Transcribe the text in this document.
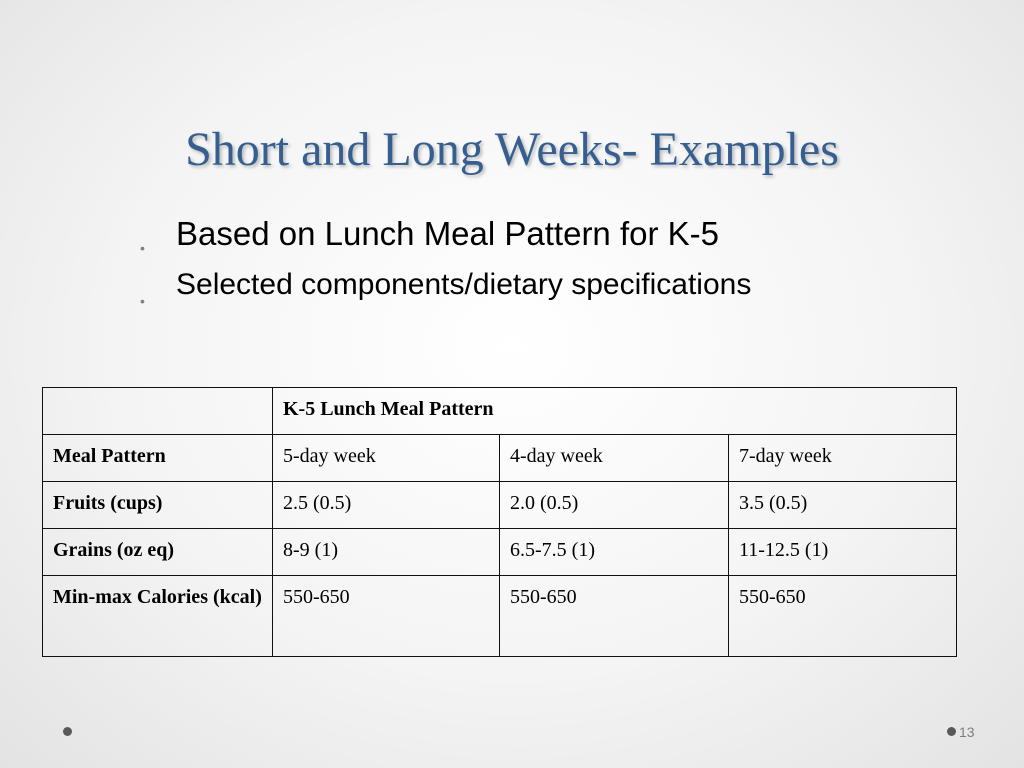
Short and Long Weeks- Examples
• Based on Lunch Meal Pattern for K-5
• Selected components/dietary specifications
	K-5 Lunch Meal Pattern		
Meal Pattern	5-day week	4-day week	7-day week
Fruits (cups)	2.5 (0.5)	2.0 (0.5)	3.5 (0.5)
Grains (oz eq)	8-9 (1)	6.5-7.5 (1)	11-12.5 (1)
Min-max Calories (kcal)	550-650	550-650	550-650
13
